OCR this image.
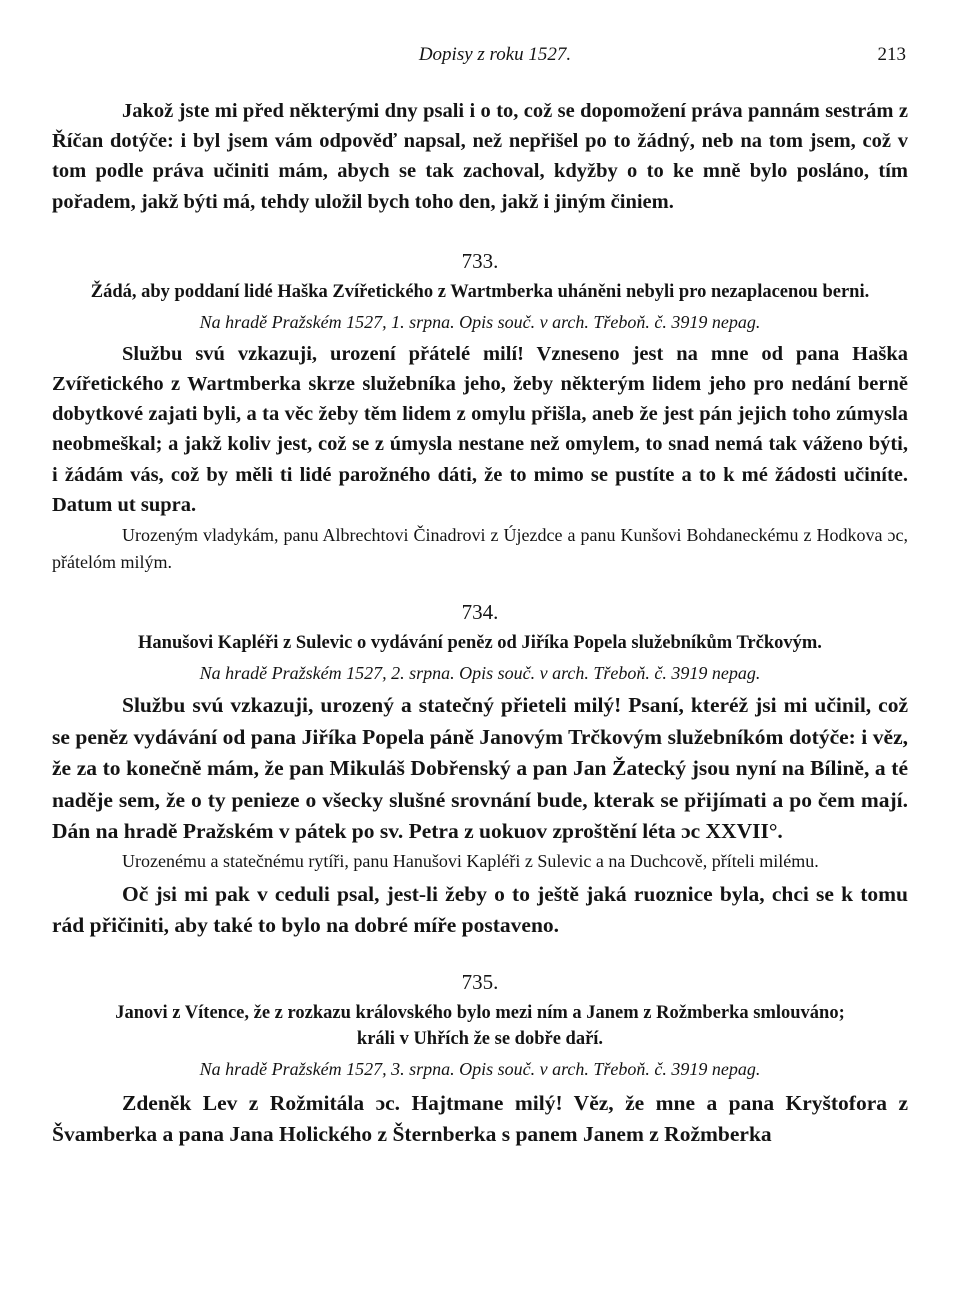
Dopisy z roku 1527.	213

Jakož jste mi před některými dny psali i o to, což se dopomožení práva pannám sestrám z Říčan dotýče: i byl jsem vám odpověď napsal, než nepřišel po to žádný, neb na tom jsem, což v tom podle práva učiniti mám, abych se tak zachoval, kdyžby o to ke mně bylo posláno, tím pořadem, jakž býti má, tehdy uložil bych toho den, jakž i jiným činiem.

733.
Žádá, aby poddaní lidé Haška Zvířetického z Wartmberka uháněni nebyli pro nezaplacenou berni.
Na hradě Pražském 1527, 1. srpna. Opis souč. v arch. Třeboň. č. 3919 nepag.

Službu svú vzkazuji, urození přátelé milí! Vzneseno jest na mne od pana Haška Zvířetického z Wartmberka skrze služebníka jeho, žeby některým lidem jeho pro nedání berně dobytkové zajati byli, a ta věc žeby těm lidem z omylu přišla, aneb že jest pán jejich toho zúmysla neobmeškal; a jakž koliv jest, což se z úmysla nestane než omylem, to snad nemá tak váženo býti, i žádám vás, což by měli ti lidé parožného dáti, že to mimo se pustíte a to k mé žádosti učiníte. Datum ut supra.

Urozeným vladykám, panu Albrechtovi Činadrovi z Újezdce a panu Kunšovi Bohdaneckému z Hodkova ɔc, přátelóm milým.

734.
Hanušovi Kapléři z Sulevic o vydávání peněz od Jiříka Popela služebníkům Trčkovým.
Na hradě Pražském 1527, 2. srpna. Opis souč. v arch. Třeboň. č. 3919 nepag.

Službu svú vzkazuji, urozený a statečný přieteli milý! Psaní, kteréž jsi mi učinil, což se peněz vydávání od pana Jiříka Popela páně Janovým Trčkovým služebníkóm dotýče: i věz, že za to konečně mám, že pan Mikuláš Dobřenský a pan Jan Žatecký jsou nyní na Bílině, a té naděje sem, že o ty penieze o všecky slušné srovnání bude, kterak se přijímati a po čem mají. Dán na hradě Pražském v pátek po sv. Petra z uokuov zproštění léta ɔc XXVII°.

Urozenému a statečnému rytíři, panu Hanušovi Kapléři z Sulevic a na Duchcově, příteli milému.

Oč jsi mi pak v ceduli psal, jest-li žeby o to ještě jaká ruoznice byla, chci se k tomu rád přičiniti, aby také to bylo na dobré míře postaveno.

735.
Janovi z Vítence, že z rozkazu královského bylo mezi ním a Janem z Rožmberka smlouváno;
králi v Uhřích že se dobře daří.
Na hradě Pražském 1527, 3. srpna. Opis souč. v arch. Třeboň. č. 3919 nepag.

Zdeněk Lev z Rožmitála ɔc. Hajtmane milý! Věz, že mne a pana Kryštofora z Švamberka a pana Jana Holického z Šternberka s panem Janem z Rožmberka
